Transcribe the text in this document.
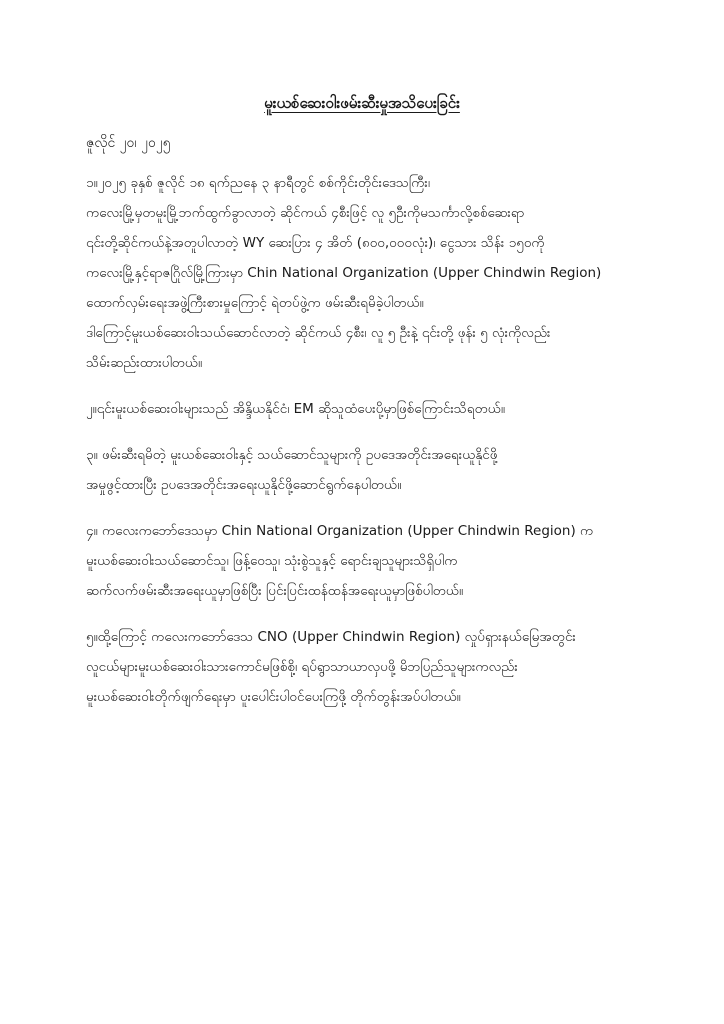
မူးယစ်ဆေးဝါးဖမ်းဆီးမှုအသိပေးခြင်း
ဇူလိုင် ၂၀၊ ၂၀၂၅

၁။၂၀၂၅ ခုနှစ် ဇူလိုင် ၁၈ ရက်ညနေ ၃ နာရီတွင် စစ်ကိုင်းတိုင်းဒေသကြီး၊
ကလေးမြို့မှတမူးမြို့ဘက်ထွက်ခွာလာတဲ့ ဆိုင်ကယ် ၄စီးဖြင့် လူ ၅ဦးကိုမသင်္ကာလို့စစ်ဆေးရာ
၎င်းတို့ဆိုင်ကယ်နဲ့အတူပါလာတဲ့ WY ဆေးပြား ၄ အိတ် (၈၀၀,၀၀၀လုံး)၊ ငွေသား သိန်း ၁၅၀ကို
ကလေးမြို့နှင့်ရာဇဂြိုလ်မြို့ကြားမှာ Chin National Organization (Upper Chindwin Region)
ထောက်လှမ်းရေးအဖွဲ့ကြီးစားမှုကြောင့် ရဲတပ်ဖွဲ့က ဖမ်းဆီးရမိခဲ့ပါတယ်။
ဒါကြောင့်မူးယစ်ဆေးဝါးသယ်ဆောင်လာတဲ့ ဆိုင်ကယ် ၄စီး၊ လူ ၅ ဦးနဲ့ ၎င်းတို့ ဖုန်း ၅ လုံးကိုလည်း
သိမ်းဆည်းထားပါတယ်။

၂။၎င်းမူးယစ်ဆေးဝါးများသည် အိန္ဒိယနိုင်ငံ၊ EM ဆိုသူထံပေးပို့မှာဖြစ်ကြောင်းသိရတယ်။

၃။ ဖမ်းဆီးရမိတဲ့ မူးယစ်ဆေးဝါးနှင့် သယ်ဆောင်သူများကို ဥပဒေအတိုင်းအရေးယူနိုင်ဖို့
အမှုဖွင့်ထားပြီး ဥပဒေအတိုင်းအရေးယူနိုင်ဖို့ဆောင်ရွက်နေပါတယ်။

၄။ ကလေးကဘော်ဒေသမှာ Chin National Organization (Upper Chindwin Region) က
မူးယစ်ဆေးဝါးသယ်ဆောင်သူ၊ ဖြန့်ဝေသူ၊ သုံးစွဲသူနှင့် ရောင်းချသူများသိရှိပါက
ဆက်လက်ဖမ်းဆီးအရေးယူမှာဖြစ်ပြီး ပြင်းပြင်းထန်ထန်အရေးယူမှာဖြစ်ပါတယ်။

၅။ထို့ကြောင့် ကလေးကဘော်ဒေသ CNO (Upper Chindwin Region) လှုပ်ရှားနယ်မြေအတွင်း
လူငယ်များမူးယစ်ဆေးဝါးသားကောင်မဖြစ်စို့၊ ရပ်ရွာသာယာလှပဖို့ မိဘပြည်သူများကလည်း
မူးယစ်ဆေးဝါးတိုက်ဖျက်ရေးမှာ ပူးပေါင်းပါဝင်ပေးကြဖို့ တိုက်တွန်းအပ်ပါတယ်။
